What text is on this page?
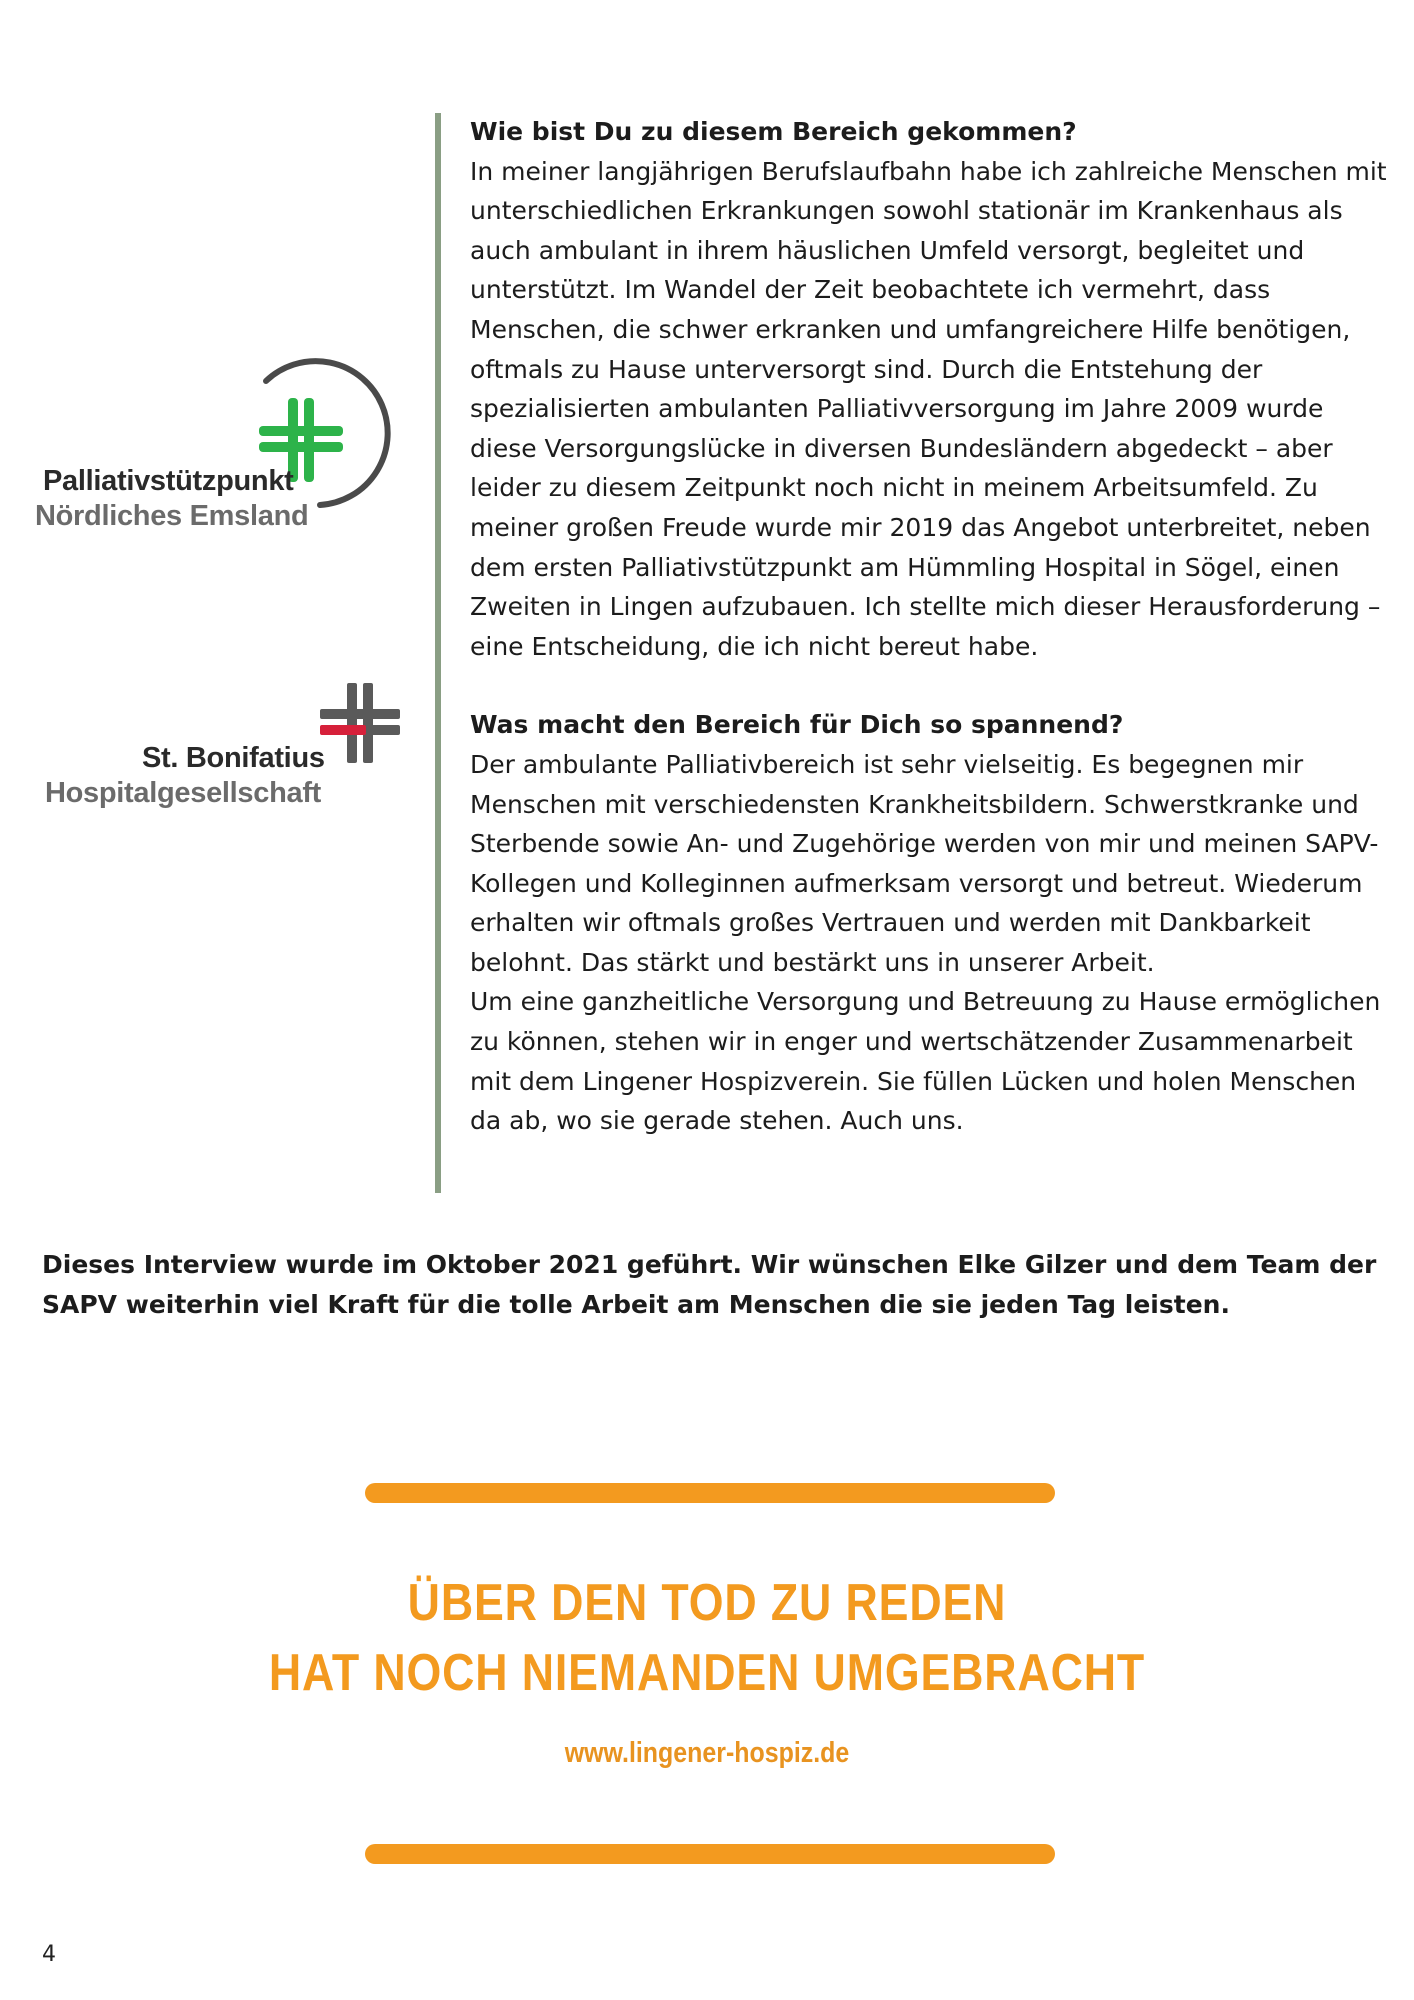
Palliativstützpunkt
Nördliches Emsland
St. Bonifatius
Hospitalgesellschaft

Wie bist Du zu diesem Bereich gekommen?

In meiner langjährigen Berufslaufbahn habe ich zahlreiche Menschen mit unterschiedlichen Erkrankungen sowohl stationär im Krankenhaus als auch ambulant in ihrem häuslichen Umfeld versorgt, begleitet und unterstützt. Im Wandel der Zeit beobachtete ich vermehrt, dass Menschen, die schwer erkranken und umfangreichere Hilfe benötigen, oftmals zu Hause unterversorgt sind. Durch die Entstehung der spezialisierten ambulanten Palliativversorgung im Jahre 2009 wurde diese Versorgungslücke in diversen Bundesländern abgedeckt – aber leider zu diesem Zeitpunkt noch nicht in meinem Arbeitsumfeld. Zu meiner großen Freude wurde mir 2019 das Angebot unterbreitet, neben dem ersten Palliativstützpunkt am Hümmling Hospital in Sögel, einen Zweiten in Lingen aufzubauen. Ich stellte mich dieser Herausforderung – eine Entscheidung, die ich nicht bereut habe.

Was macht den Bereich für Dich so spannend?

Der ambulante Palliativbereich ist sehr vielseitig. Es begegnen mir Menschen mit verschiedensten Krankheitsbildern. Schwerstkranke und Sterbende sowie An- und Zugehörige werden von mir und meinen SAPV-Kollegen und Kolleginnen aufmerksam versorgt und betreut. Wiederum erhalten wir oftmals großes Vertrauen und werden mit Dankbarkeit belohnt. Das stärkt und bestärkt uns in unserer Arbeit.

Um eine ganzheitliche Versorgung und Betreuung zu Hause ermöglichen zu können, stehen wir in enger und wertschätzender Zusammenarbeit mit dem Lingener Hospizverein. Sie füllen Lücken und holen Menschen da ab, wo sie gerade stehen. Auch uns.

Dieses Interview wurde im Oktober 2021 geführt. Wir wünschen Elke Gilzer und dem Team der SAPV weiterhin viel Kraft für die tolle Arbeit am Menschen die sie jeden Tag leisten.

ÜBER DEN TOD ZU REDEN
HAT NOCH NIEMANDEN UMGEBRACHT
www.lingener-hospiz.de
4
